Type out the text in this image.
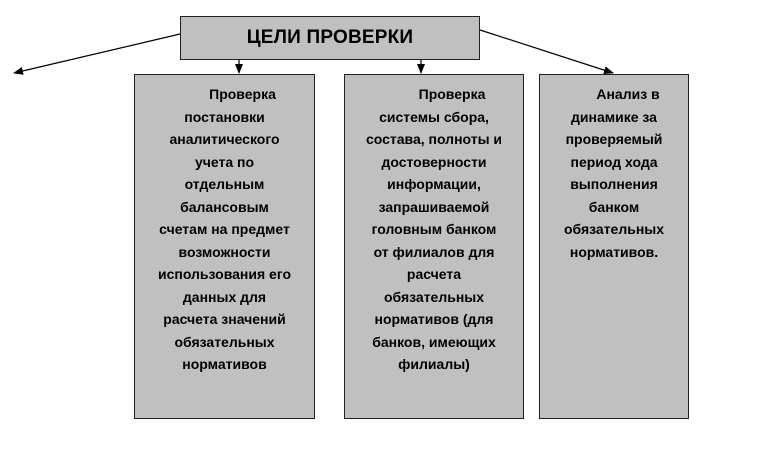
ЦЕЛИ ПРОВЕРКИ
Проверка
постановки
аналитического
учета по
отдельным
балансовым
счетам на предмет
возможности
использования его
данных для
расчета значений
обязательных
нормативов
Проверка
системы сбора,
состава, полноты и
достоверности
информации,
запрашиваемой
головным банком
от филиалов для
расчета
обязательных
нормативов (для
банков, имеющих
филиалы)
Анализ в
динамике за
проверяемый
период хода
выполнения
банком
обязательных
нормативов.
